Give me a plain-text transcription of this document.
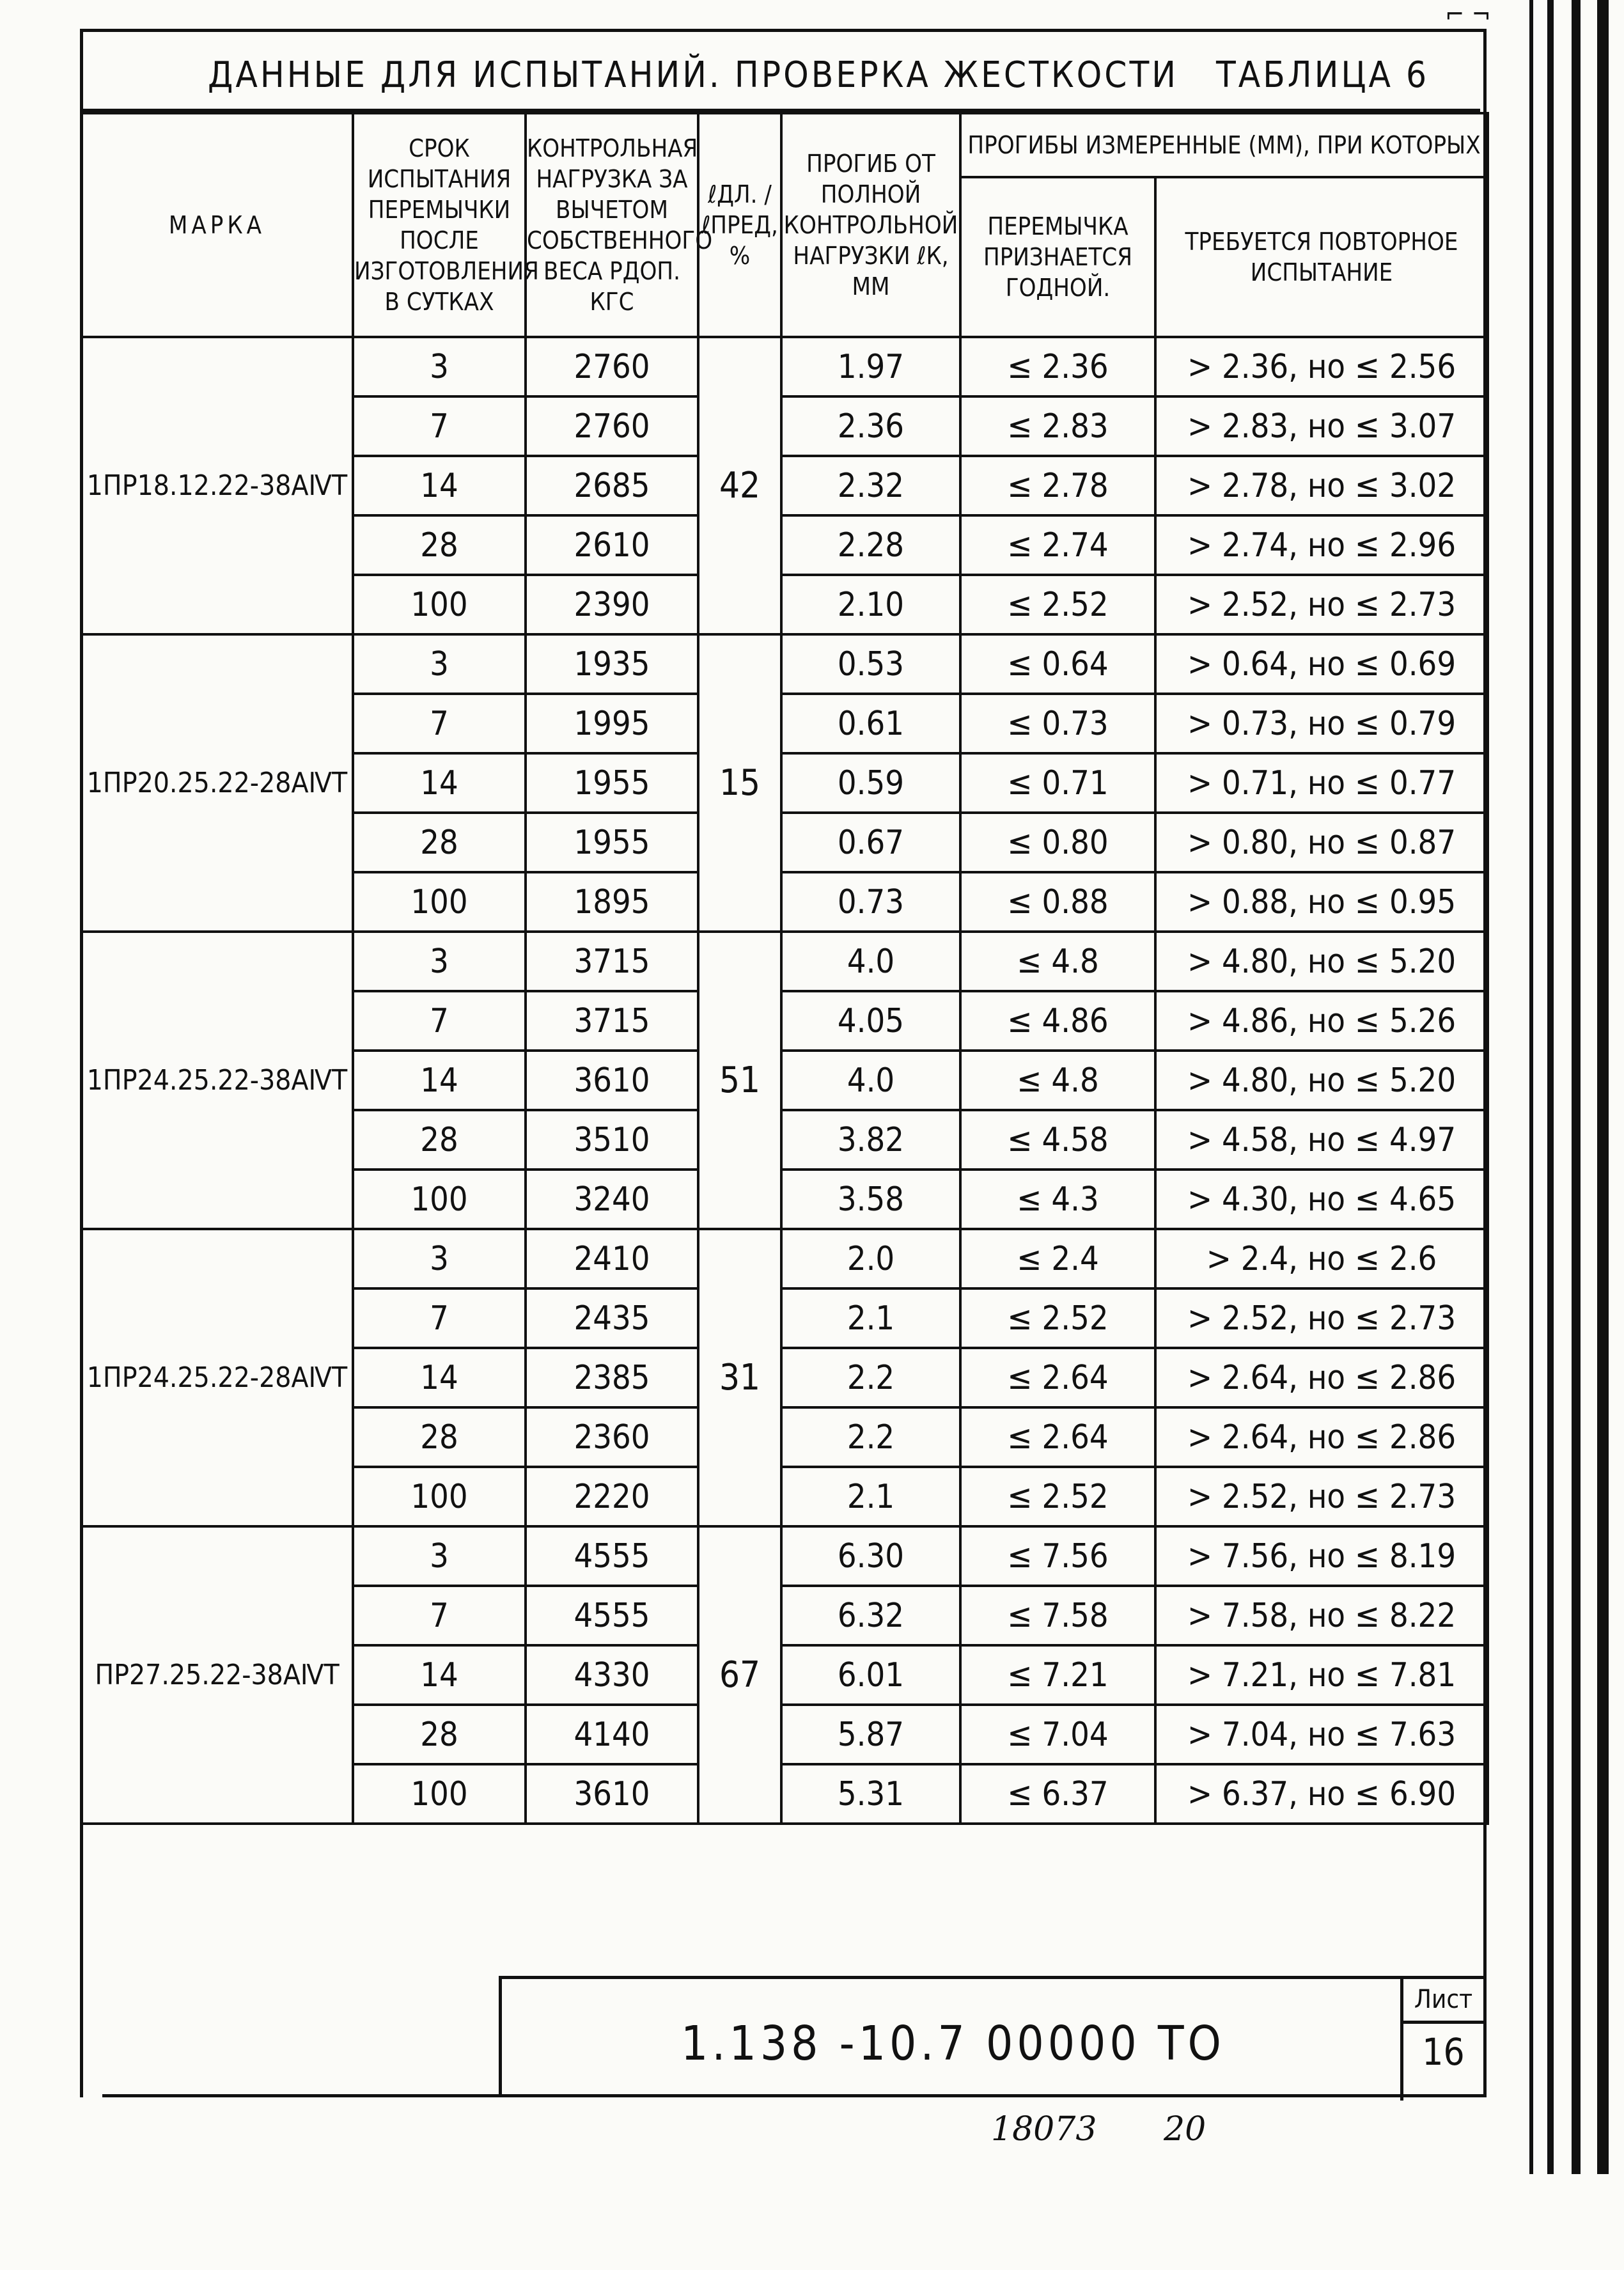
⌐ ¬
ДАННЫЕ ДЛЯ ИСПЫТАНИЙ. ПРОВЕРКА ЖЕСТКОСТИ ТАБЛИЦА 6
МАРКА	СРОК ИСПЫТАНИЯ ПЕРЕМЫЧКИ ПОСЛЕ ИЗГОТОВЛЕНИЯ В СУТКАХ	КОНТРОЛЬНАЯ НАГРУЗКА ЗА ВЫЧЕТОМ СОБСТВЕННОГО ВЕСА РДОП. КГС	ℓДЛ. / ℓПРЕД, %	ПРОГИБ ОТ ПОЛНОЙ КОНТРОЛЬНОЙ НАГРУЗКИ ℓК, ММ	ПРОГИБЫ ИЗМЕРЕННЫЕ (ММ), ПРИ КОТОРЫХ	
					ПЕРЕМЫЧКА ПРИЗНАЕТСЯ ГОДНОЙ.	ТРЕБУЕТСЯ ПОВТОРНОЕ ИСПЫТАНИЕ
1ПР18.12.22-38АⅣТ	3	2760	42	1.97	≤ 2.36	> 2.36, но ≤ 2.56
	7	2760		2.36	≤ 2.83	> 2.83, но ≤ 3.07
	14	2685		2.32	≤ 2.78	> 2.78, но ≤ 3.02
	28	2610		2.28	≤ 2.74	> 2.74, но ≤ 2.96
	100	2390		2.10	≤ 2.52	> 2.52, но ≤ 2.73
1ПР20.25.22-28АⅣТ	3	1935	15	0.53	≤ 0.64	> 0.64, но ≤ 0.69
	7	1995		0.61	≤ 0.73	> 0.73, но ≤ 0.79
	14	1955		0.59	≤ 0.71	> 0.71, но ≤ 0.77
	28	1955		0.67	≤ 0.80	> 0.80, но ≤ 0.87
	100	1895		0.73	≤ 0.88	> 0.88, но ≤ 0.95
1ПР24.25.22-38АⅣТ	3	3715	51	4.0	≤ 4.8	> 4.80, но ≤ 5.20
	7	3715		4.05	≤ 4.86	> 4.86, но ≤ 5.26
	14	3610		4.0	≤ 4.8	> 4.80, но ≤ 5.20
	28	3510		3.82	≤ 4.58	> 4.58, но ≤ 4.97
	100	3240		3.58	≤ 4.3	> 4.30, но ≤ 4.65
1ПР24.25.22-28АⅣТ	3	2410	31	2.0	≤ 2.4	> 2.4, но ≤ 2.6
	7	2435		2.1	≤ 2.52	> 2.52, но ≤ 2.73
	14	2385		2.2	≤ 2.64	> 2.64, но ≤ 2.86
	28	2360		2.2	≤ 2.64	> 2.64, но ≤ 2.86
	100	2220		2.1	≤ 2.52	> 2.52, но ≤ 2.73
ПР27.25.22-38АⅣТ	3	4555	67	6.30	≤ 7.56	> 7.56, но ≤ 8.19
	7	4555		6.32	≤ 7.58	> 7.58, но ≤ 8.22
	14	4330		6.01	≤ 7.21	> 7.21, но ≤ 7.81
	28	4140		5.87	≤ 7.04	> 7.04, но ≤ 7.63
	100	3610		5.31	≤ 6.37	> 6.37, но ≤ 6.90
1.138 -10.7 00000 ТО
Лист
16
18073 20
